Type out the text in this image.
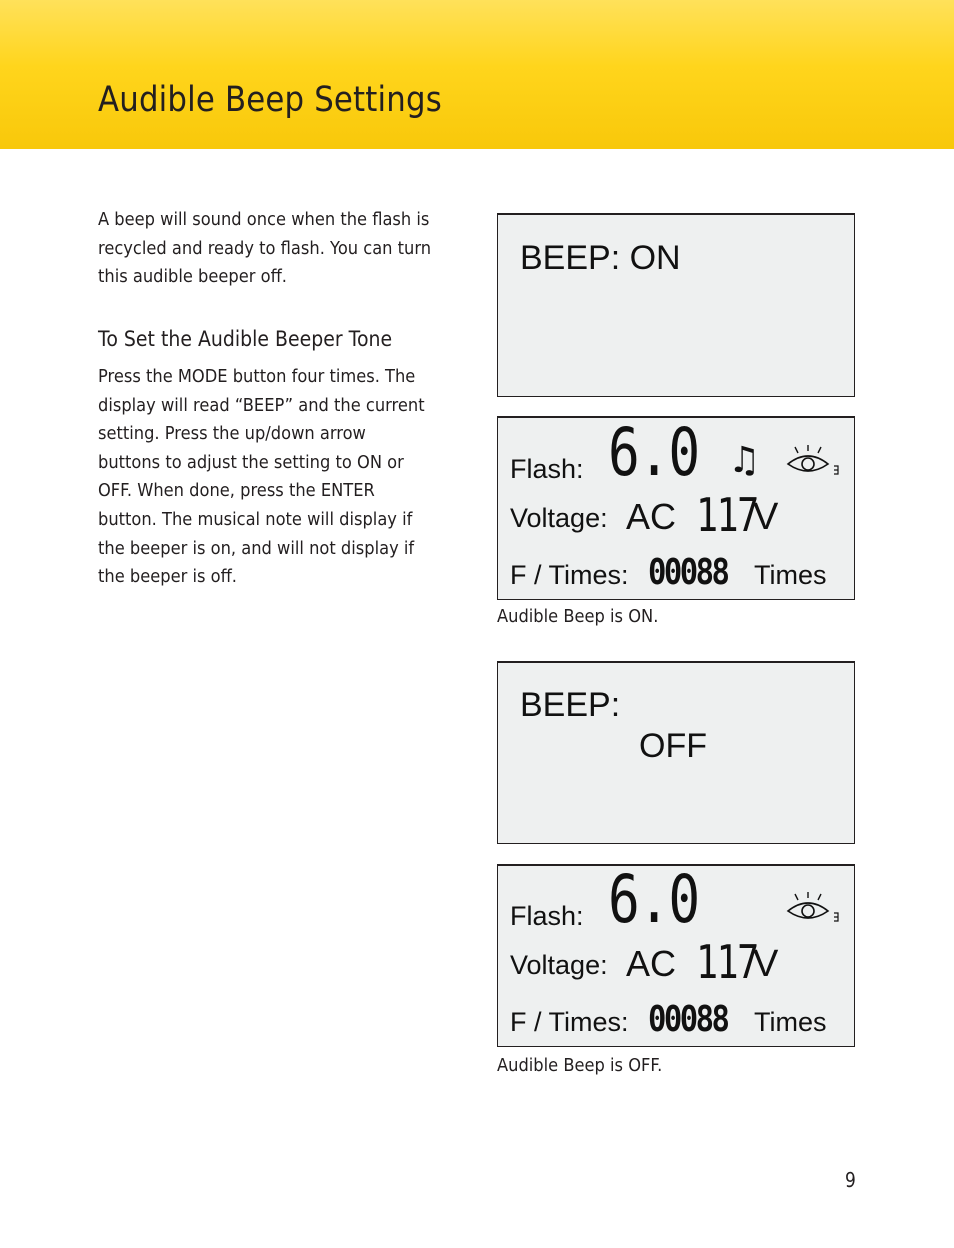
Audible Beep Settings
A beep will sound once when the flash is
recycled and ready to flash. You can turn
this audible beeper off.
To Set the Audible Beeper Tone
Press the MODE button four times. The
display will read “BEEP” and the current
setting. Press the up/down arrow
buttons to adjust the setting to ON or
OFF. When done, press the ENTER
button. The musical note will display if
the beeper is on, and will not display if
the beeper is off.
BEEP: ON
Flash: 6.0 ♫
Voltage: AC 117
V
F / Times: 00088 Times
Audible Beep is ON.
BEEP:
OFF
Flash: 6.0
Voltage: AC 117
V
F / Times: 00088 Times
Audible Beep is OFF.
9
